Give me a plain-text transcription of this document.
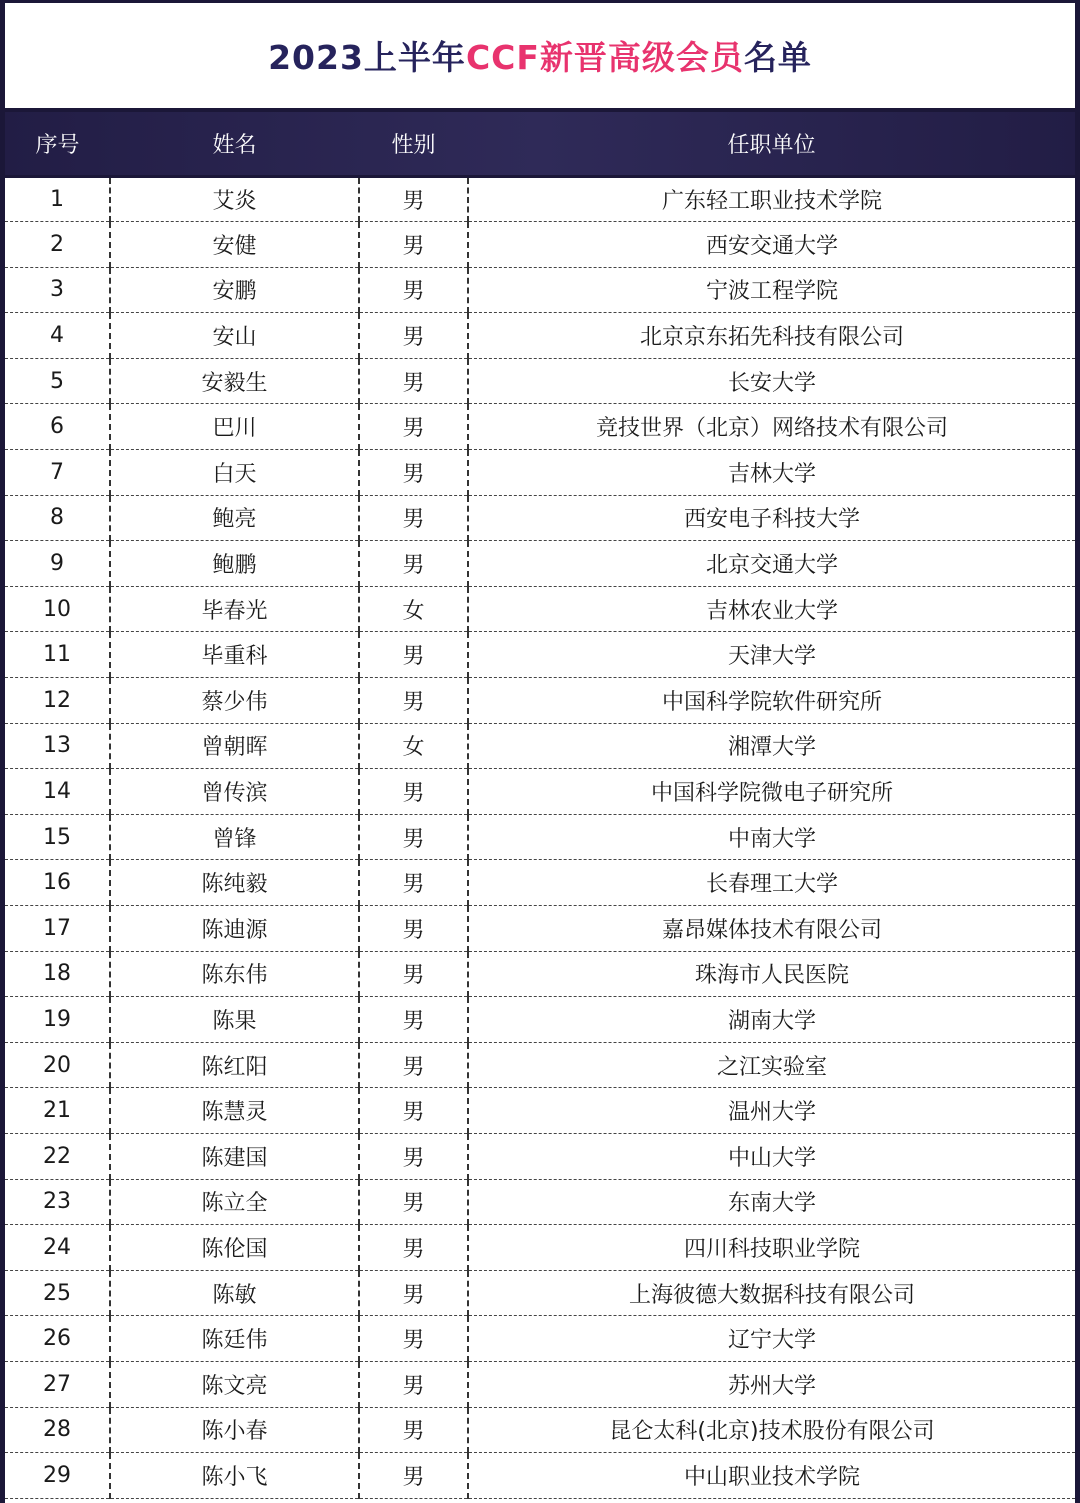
2023上半年 CCF新晋高级会员 名单
序号	姓名	性别	任职单位
1	艾炎	男	广东轻工职业技术学院
2	安健	男	西安交通大学
3	安鹏	男	宁波工程学院
4	安山	男	北京京东拓先科技有限公司
5	安毅生	男	长安大学
6	巴川	男	竞技世界（北京）网络技术有限公司
7	白天	男	吉林大学
8	鲍亮	男	西安电子科技大学
9	鲍鹏	男	北京交通大学
10	毕春光	女	吉林农业大学
11	毕重科	男	天津大学
12	蔡少伟	男	中国科学院软件研究所
13	曾朝晖	女	湘潭大学
14	曾传滨	男	中国科学院微电子研究所
15	曾锋	男	中南大学
16	陈纯毅	男	长春理工大学
17	陈迪源	男	嘉昂媒体技术有限公司
18	陈东伟	男	珠海市人民医院
19	陈果	男	湖南大学
20	陈红阳	男	之江实验室
21	陈慧灵	男	温州大学
22	陈建国	男	中山大学
23	陈立全	男	东南大学
24	陈伦国	男	四川科技职业学院
25	陈敏	男	上海彼德大数据科技有限公司
26	陈廷伟	男	辽宁大学
27	陈文亮	男	苏州大学
28	陈小春	男	昆仑太科(北京)技术股份有限公司
29	陈小飞	男	中山职业技术学院
